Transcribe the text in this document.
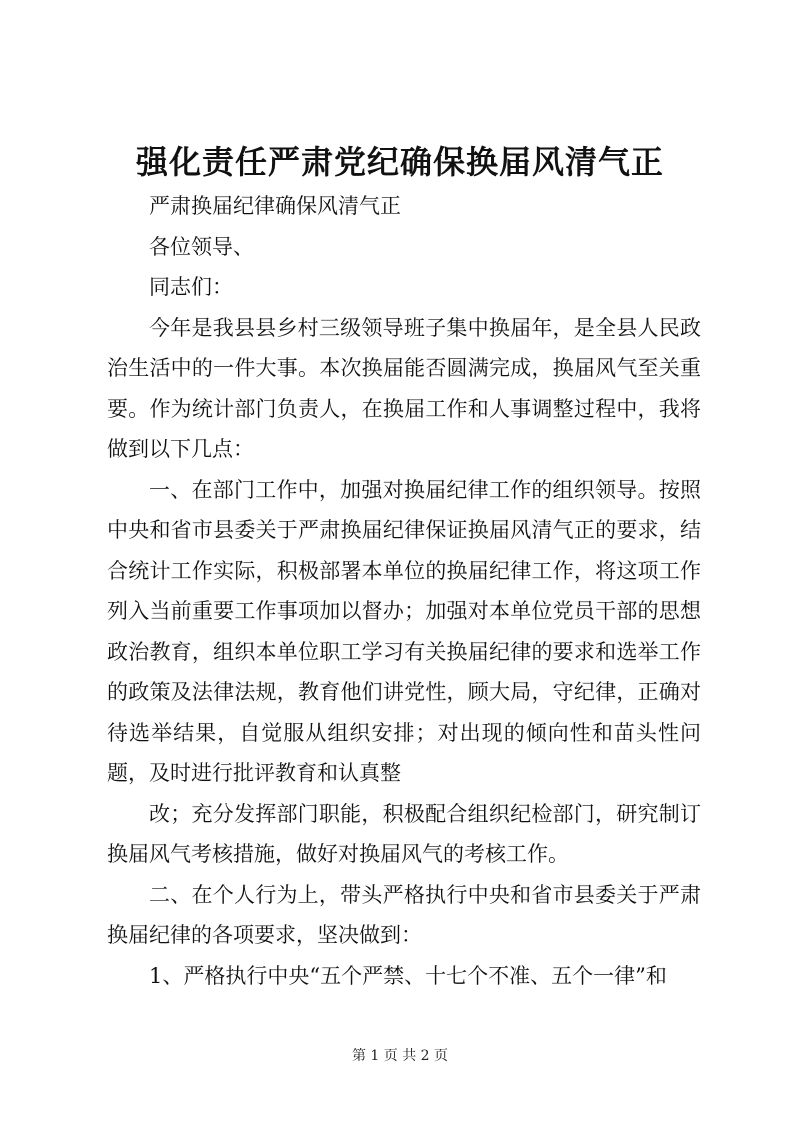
强化责任严肃党纪确保换届风清气正

严肃换届纪律确保风清气正

各位领导、

同志们：

今年是我县县乡村三级领导班子集中换届年，是全县人民政治生活中的一件大事。本次换届能否圆满完成，换届风气至关重要。作为统计部门负责人，在换届工作和人事调整过程中，我将做到以下几点：

一、在部门工作中，加强对换届纪律工作的组织领导。按照中央和省市县委关于严肃换届纪律保证换届风清气正的要求，结合统计工作实际，积极部署本单位的换届纪律工作，将这项工作列入当前重要工作事项加以督办；加强对本单位党员干部的思想政治教育，组织本单位职工学习有关换届纪律的要求和选举工作的政策及法律法规，教育他们讲党性，顾大局，守纪律，正确对待选举结果，自觉服从组织安排；对出现的倾向性和苗头性问题，及时进行批评教育和认真整

改；充分发挥部门职能，积极配合组织纪检部门，研究制订换届风气考核措施，做好对换届风气的考核工作。

二、在个人行为上，带头严格执行中央和省市县委关于严肃换届纪律的各项要求，坚决做到：

1、严格执行中央“五个严禁、十七个不准、五个一律”和

第 1 页 共 2 页
